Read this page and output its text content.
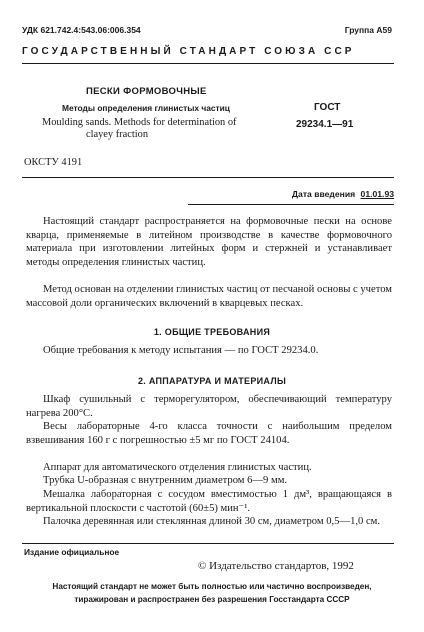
УДК 621.742.4:543.06:006.354	Группа А59
ГОСУДАРСТВЕННЫЙ СТАНДАРТ СОЮЗА ССР
ПЕСКИ ФОРМОВОЧНЫЕ
Методы определения глинистых частиц
Moulding sands. Methods for determination of
clayey fraction
ГОСТ
29234.1—91
ОКСТУ 4191
Дата введения 01.01.93

Настоящий стандарт распространяется на формовочные пески на основе кварца, применяемые в литейном производстве в качестве формовочного материала при изготовлении литейных форм и стержней и устанавливает методы определения глинистых частиц.

Метод основан на отделении глинистых частиц от песчаной основы с учетом массовой доли органических включений в кварцевых песках.

1. ОБЩИЕ ТРЕБОВАНИЯ

Общие требования к методу испытания — по ГОСТ 29234.0.

2. АППАРАТУРА И МАТЕРИАЛЫ

Шкаф сушильный с терморегулятором, обеспечивающий температуру нагрева 200°С.

Весы лабораторные 4-го класса точности с наибольшим пределом взвешивания 160 г с погрешностью ±5 мг по ГОСТ 24104.

Аппарат для автоматического отделения глинистых частиц.

Трубка U-образная с внутренним диаметром 6—9 мм.

Мешалка лабораторная с сосудом вместимостью 1 дм³, вращающаяся в вертикальной плоскости с частотой (60±5) мин⁻¹.

Палочка деревянная или стеклянная длиной 30 см, диаметром 0,5—1,0 см.

Издание официальное
© Издательство стандартов, 1992
Настоящий стандарт не может быть полностью или частично воспроизведен,
тиражирован и распространен без разрешения Госстандарта СССР
